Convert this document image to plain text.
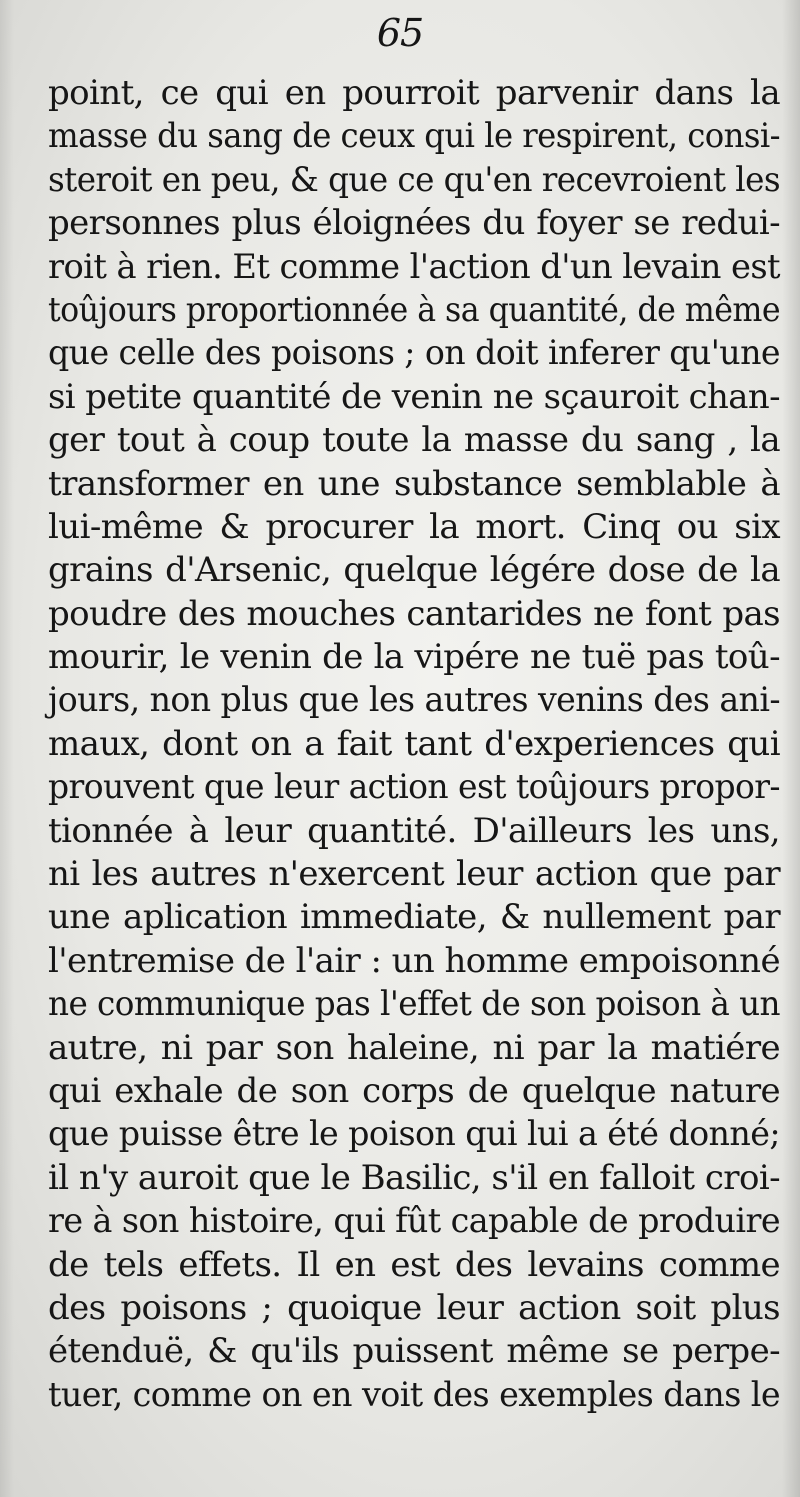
65
point, ce qui en pourroit parvenir dans la
masse du sang de ceux qui le respirent, consi-
steroit en peu, & que ce qu'en recevroient les
personnes plus éloignées du foyer se redui-
roit à rien. Et comme l'action d'un levain est
toûjours proportionnée à sa quantité, de même
que celle des poisons ; on doit inferer qu'une
si petite quantité de venin ne sçauroit chan-
ger tout à coup toute la masse du sang , la
transformer en une substance semblable à
lui-même & procurer la mort. Cinq ou six
grains d'Arsenic, quelque légére dose de la
poudre des mouches cantarides ne font pas
mourir, le venin de la vipére ne tuë pas toû-
jours, non plus que les autres venins des ani-
maux, dont on a fait tant d'experiences qui
prouvent que leur action est toûjours propor-
tionnée à leur quantité. D'ailleurs les uns,
ni les autres n'exercent leur action que par
une aplication immediate, & nullement par
l'entremise de l'air : un homme empoisonné
ne communique pas l'effet de son poison à un
autre, ni par son haleine, ni par la matiére
qui exhale de son corps de quelque nature
que puisse être le poison qui lui a été donné;
il n'y auroit que le Basilic, s'il en falloit croi-
re à son histoire, qui fût capable de produire
de tels effets. Il en est des levains comme
des poisons ; quoique leur action soit plus
étenduë, & qu'ils puissent même se perpe-
tuer, comme on en voit des exemples dans le
